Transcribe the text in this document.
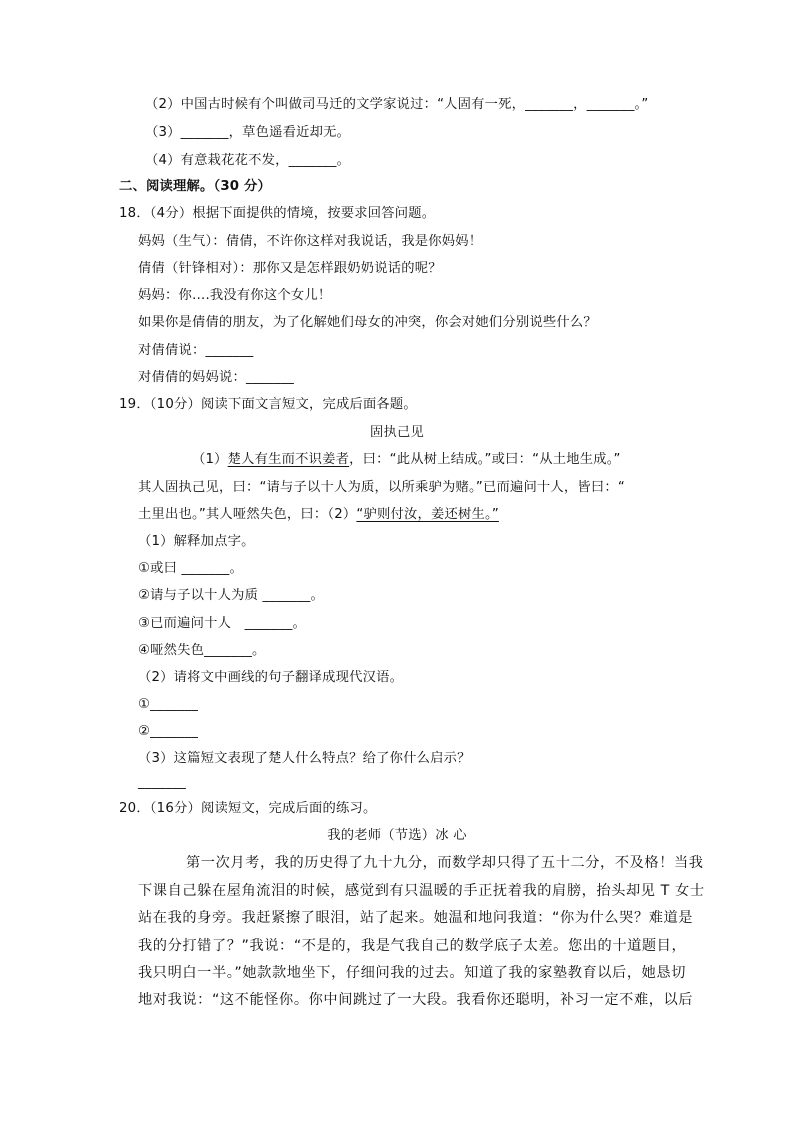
（2）中国古时候有个叫做司马迁的文学家说过：“人固有一死，_______，_______。”
（3）_______，草色遥看近却无。
（4）有意栽花花不发，_______。
二、阅读理解。（30 分）
18．（4分）根据下面提供的情境，按要求回答问题。
妈妈（生气）：倩倩，不许你这样对我说话，我是你妈妈！
倩倩（针锋相对）：那你又是怎样跟奶奶说话的呢？
妈妈：你….我没有你这个女儿！
如果你是倩倩的朋友，为了化解她们母女的冲突，你会对她们分别说些什么？
对倩倩说：_______
对倩倩的妈妈说：_______
19．（10分）阅读下面文言短文，完成后面各题。
固执己见
（1）楚人有生而不识姜者，曰：“此从树上结成。”或曰：“从土地生成。”
其人固执己见，曰：“请与子以十人为质，以所乘驴为赌。”已而遍问十人，皆曰：“
土里出也。”其人哑然失色，曰：（2）“驴则付汝，姜还树生。”
（1）解释加点字。
①或曰 _______。
②请与子以十人为质 _______。
③已而遍问十人　_______。
④哑然失色_______。
（2）请将文中画线的句子翻译成现代汉语。
①_______
②_______
（3）这篇短文表现了楚人什么特点？给了你什么启示？
_______
20．（16分）阅读短文，完成后面的练习。
我的老师（节选）冰 心
第一次月考，我的历史得了九十九分，而数学却只得了五十二分，不及格！当我
下课自己躲在屋角流泪的时候，感觉到有只温暖的手正抚着我的肩膀，抬头却见 T 女士
站在我的身旁。我赶紧擦了眼泪，站了起来。她温和地问我道：“你为什么哭？难道是
我的分打错了？”我说：“不是的，我是气我自己的数学底子太差。您出的十道题目，
我只明白一半。”她款款地坐下，仔细问我的过去。知道了我的家塾教育以后，她恳切
地对我说：“这不能怪你。你中间跳过了一大段。我看你还聪明，补习一定不难，以后
